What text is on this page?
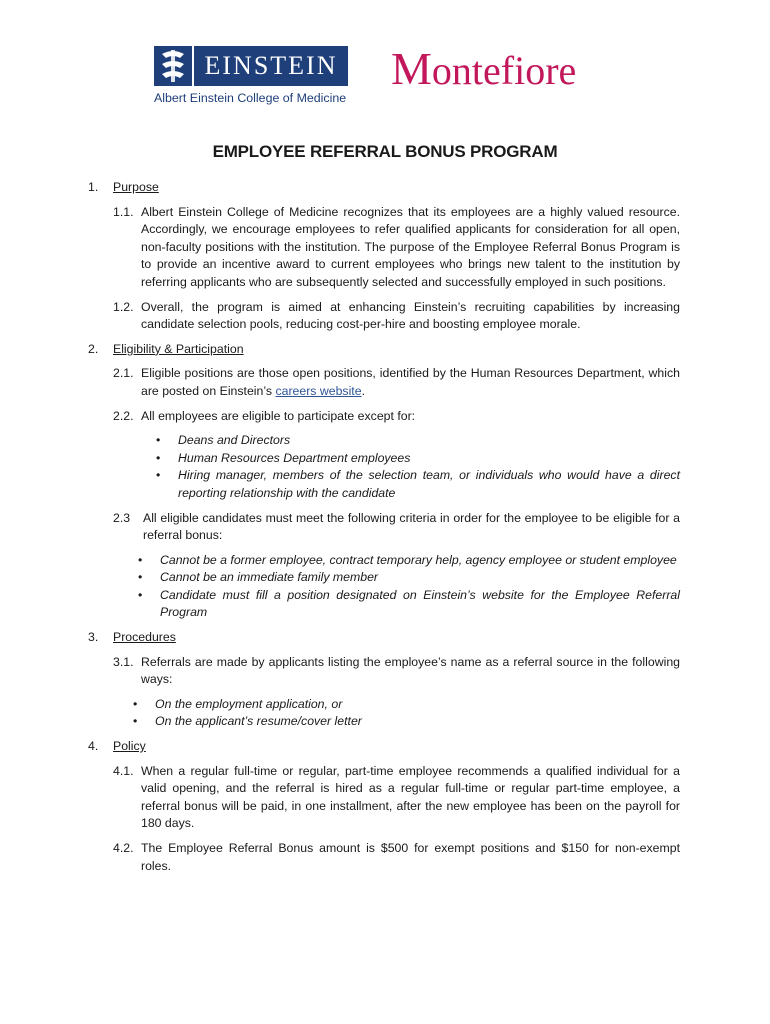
EINSTEIN
Albert Einstein College of Medicine
Montefiore
EMPLOYEE REFERRAL BONUS PROGRAM
1.	Purpose
1.1. Albert Einstein College of Medicine recognizes that its employees are a highly valued resource. Accordingly, we encourage employees to refer qualified applicants for consideration for all open, non-faculty positions with the institution. The purpose of the Employee Referral Bonus Program is to provide an incentive award to current employees who brings new talent to the institution by referring applicants who are subsequently selected and successfully employed in such positions.
1.2. Overall, the program is aimed at enhancing Einstein’s recruiting capabilities by increasing candidate selection pools, reducing cost-per-hire and boosting employee morale.
2.	Eligibility & Participation
2.1. Eligible positions are those open positions, identified by the Human Resources Department, which are posted on Einstein’s careers website.
2.2. All employees are eligible to participate except for:
•	Deans and Directors
•	Human Resources Department employees
•	Hiring manager, members of the selection team, or individuals who would have a direct reporting relationship with the candidate
2.3	All eligible candidates must meet the following criteria in order for the employee to be eligible for a referral bonus:
•	Cannot be a former employee, contract temporary help, agency employee or student employee
•	Cannot be an immediate family member
•	Candidate must fill a position designated on Einstein’s website for the Employee Referral Program
3.	Procedures
3.1. Referrals are made by applicants listing the employee’s name as a referral source in the following ways:
•	On the employment application, or
•	On the applicant’s resume/cover letter
4.	Policy
4.1. When a regular full-time or regular, part-time employee recommends a qualified individual for a valid opening, and the referral is hired as a regular full-time or regular part-time employee, a referral bonus will be paid, in one installment, after the new employee has been on the payroll for 180 days.
4.2. The Employee Referral Bonus amount is $500 for exempt positions and $150 for non-exempt roles.
